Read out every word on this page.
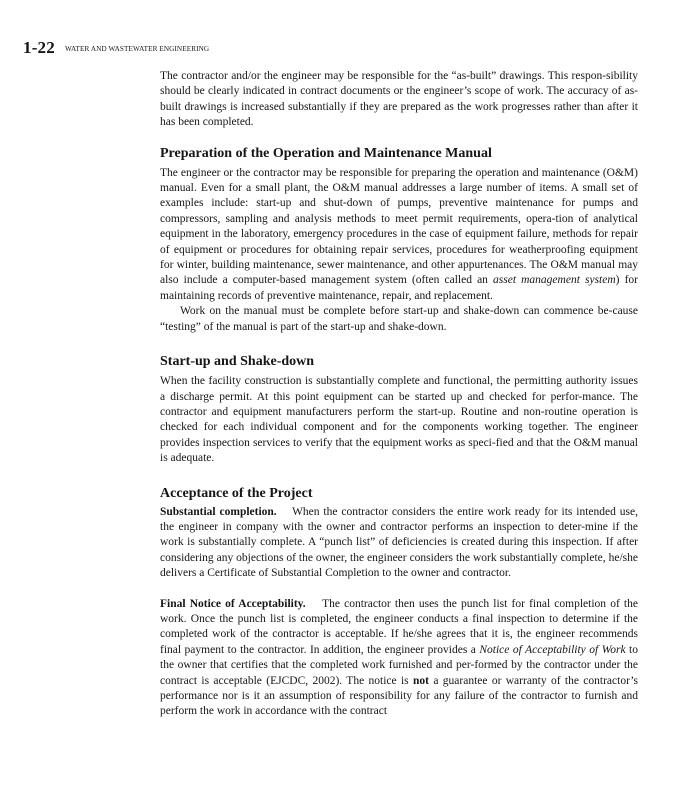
1-22 WATER AND WASTEWATER ENGINEERING

The contractor and/or the engineer may be responsible for the “as-built” drawings. This respon-sibility should be clearly indicated in contract documents or the engineer’s scope of work. The accuracy of as-built drawings is increased substantially if they are prepared as the work progresses rather than after it has been completed.

Preparation of the Operation and Maintenance Manual

The engineer or the contractor may be responsible for preparing the operation and maintenance (O&M) manual. Even for a small plant, the O&M manual addresses a large number of items. A small set of examples include: start-up and shut-down of pumps, preventive maintenance for pumps and compressors, sampling and analysis methods to meet permit requirements, opera-tion of analytical equipment in the laboratory, emergency procedures in the case of equipment failure, methods for repair of equipment or procedures for obtaining repair services, procedures for weatherproofing equipment for winter, building maintenance, sewer maintenance, and other appurtenances. The O&M manual may also include a computer-based management system (often called an asset management system) for maintaining records of preventive maintenance, repair, and replacement.

Work on the manual must be complete before start-up and shake-down can commence be-cause “testing” of the manual is part of the start-up and shake-down.

Start-up and Shake-down

When the facility construction is substantially complete and functional, the permitting authority issues a discharge permit. At this point equipment can be started up and checked for perfor-mance. The contractor and equipment manufacturers perform the start-up. Routine and non-routine operation is checked for each individual component and for the components working together. The engineer provides inspection services to verify that the equipment works as speci-fied and that the O&M manual is adequate.

Acceptance of the Project

Substantial completion. When the contractor considers the entire work ready for its intended use, the engineer in company with the owner and contractor performs an inspection to deter-mine if the work is substantially complete. A “punch list” of deficiencies is created during this inspection. If after considering any objections of the owner, the engineer considers the work substantially complete, he/she delivers a Certificate of Substantial Completion to the owner and contractor.

Final Notice of Acceptability. The contractor then uses the punch list for final completion of the work. Once the punch list is completed, the engineer conducts a final inspection to determine if the completed work of the contractor is acceptable. If he/she agrees that it is, the engineer recommends final payment to the contractor. In addition, the engineer provides a Notice of Acceptability of Work to the owner that certifies that the completed work furnished and per-formed by the contractor under the contract is acceptable (EJCDC, 2002). The notice is not a guarantee or warranty of the contractor’s performance nor is it an assumption of responsibility for any failure of the contractor to furnish and perform the work in accordance with the contract
